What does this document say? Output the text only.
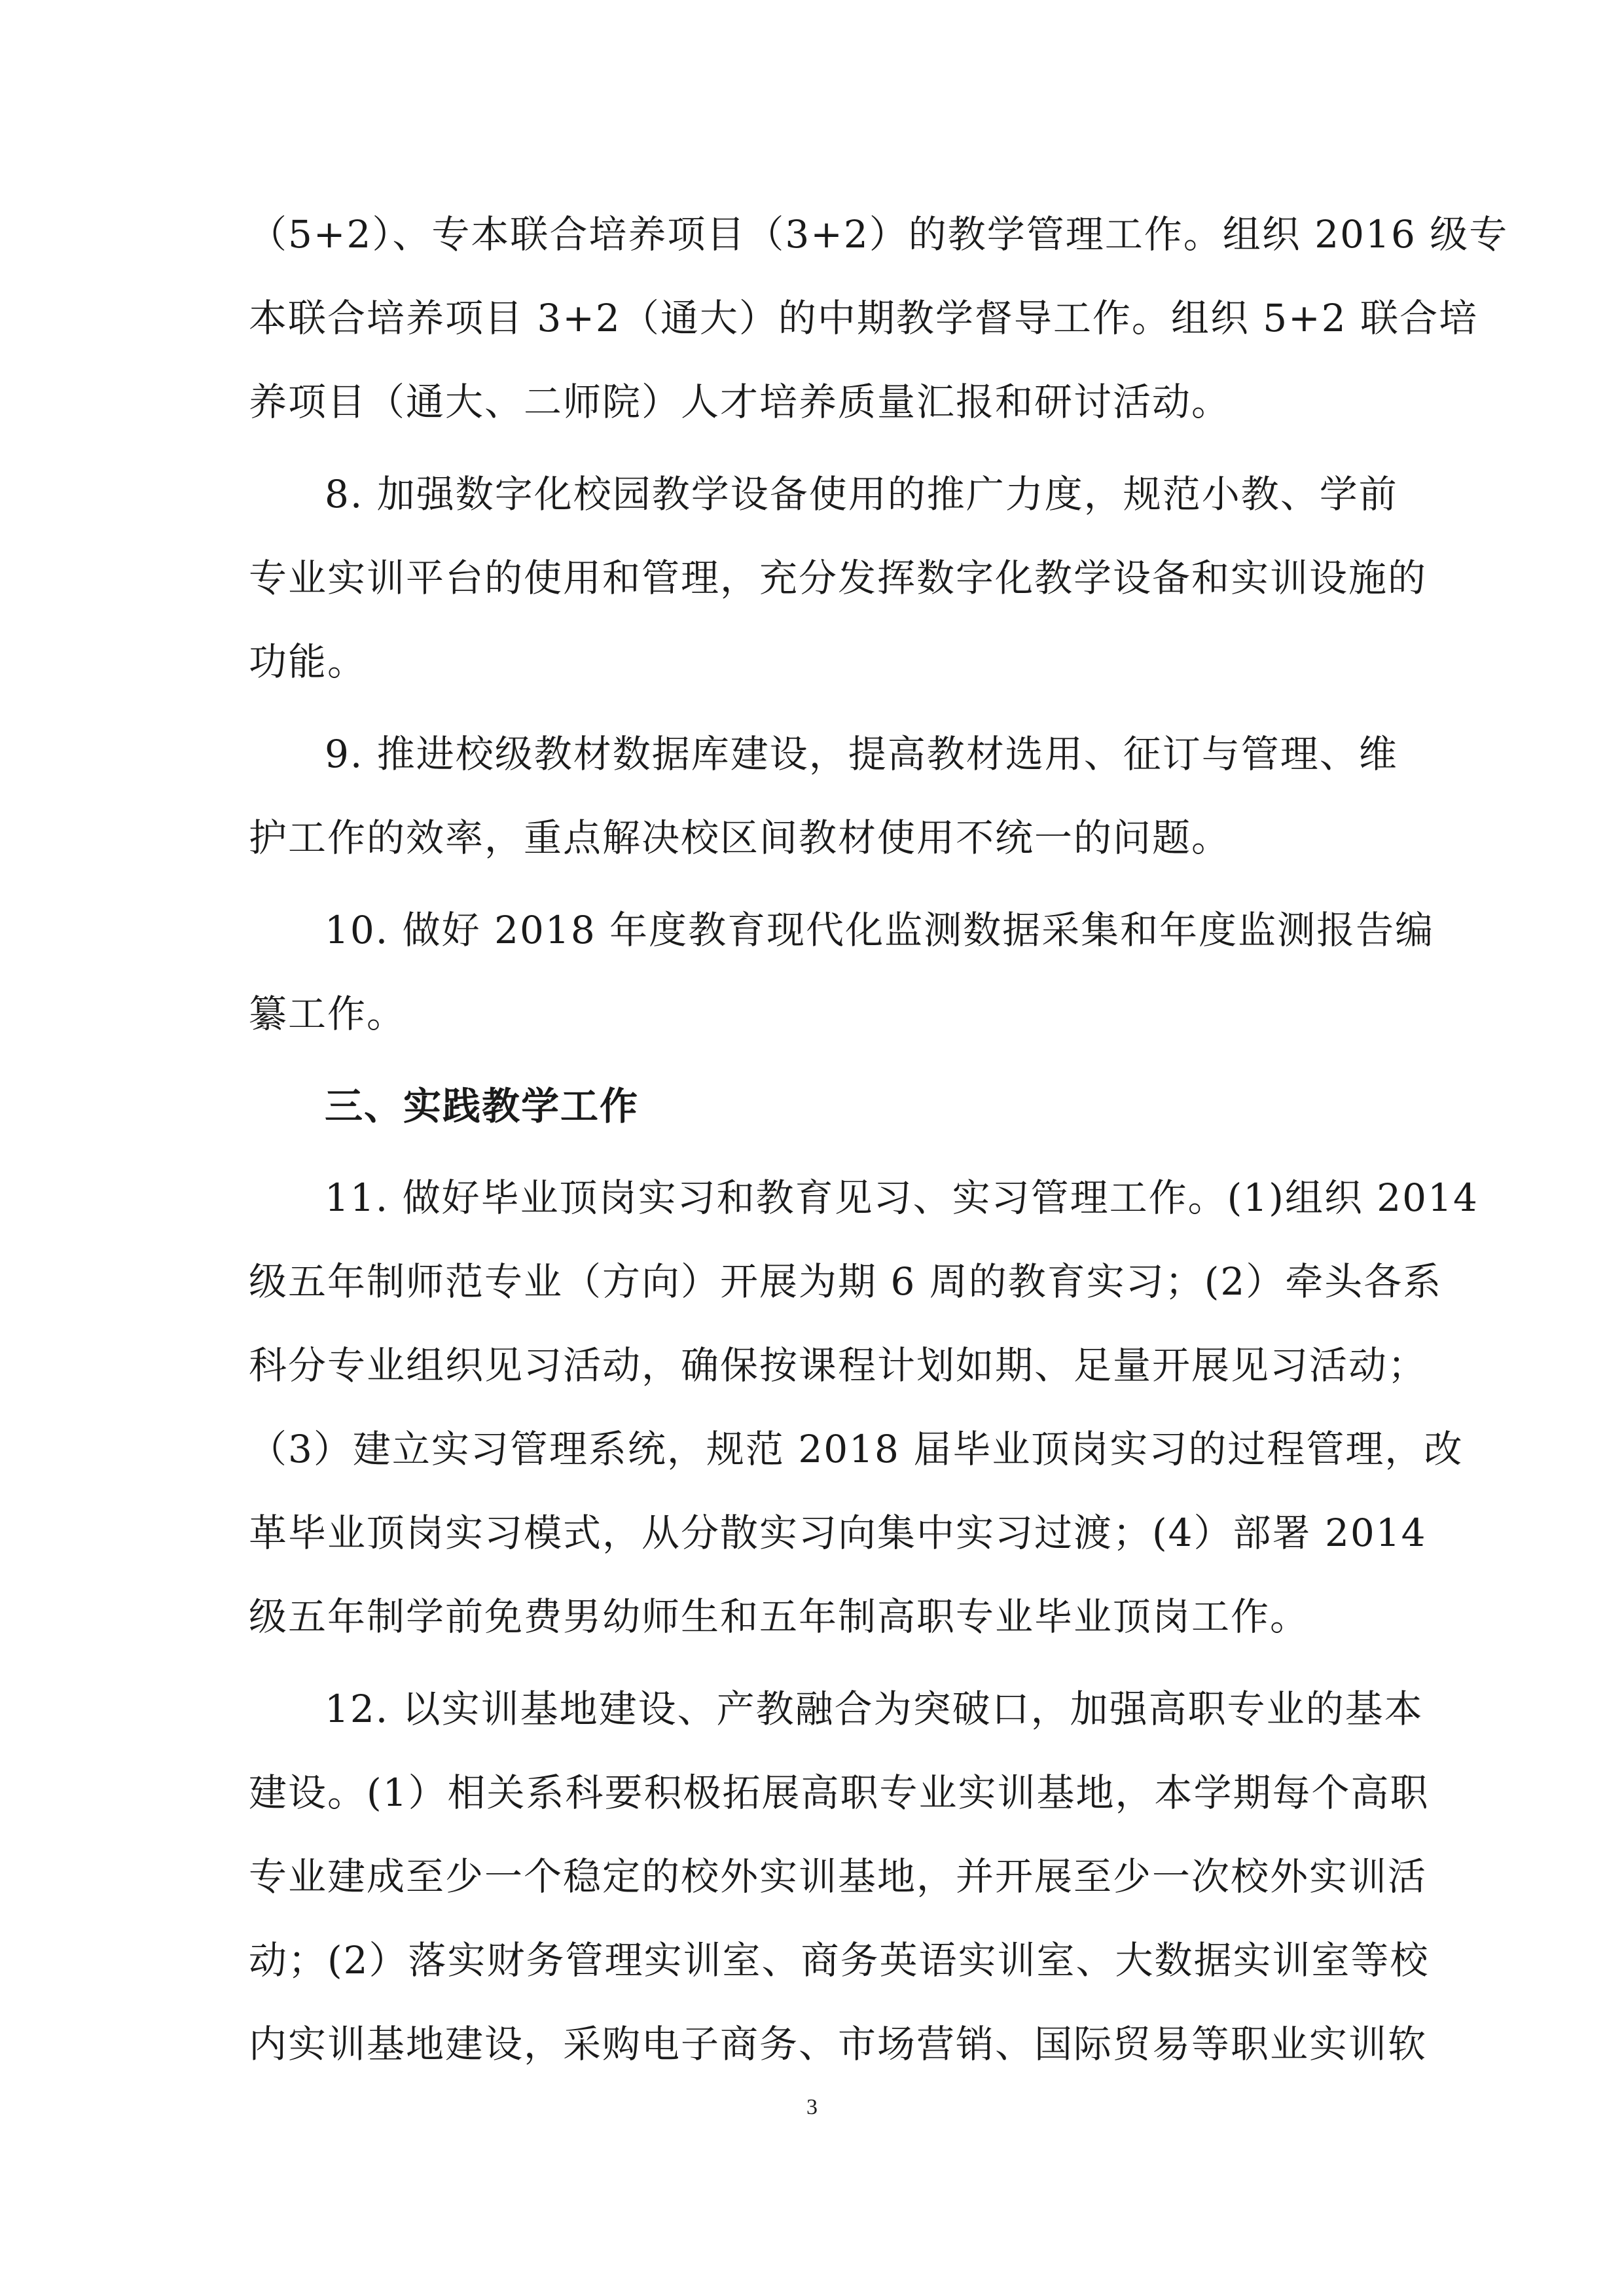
（5+2）、专本联合培养项目（3+2）的教学管理工作。组织 2016 级专
本联合培养项目 3+2（通大）的中期教学督导工作。组织 5+2 联合培
养项目（通大、二师院）人才培养质量汇报和研讨活动。
8. 加强数字化校园教学设备使用的推广力度，规范小教、学前
专业实训平台的使用和管理，充分发挥数字化教学设备和实训设施的
功能。
9. 推进校级教材数据库建设，提高教材选用、征订与管理、维
护工作的效率，重点解决校区间教材使用不统一的问题。
10. 做好 2018 年度教育现代化监测数据采集和年度监测报告编
纂工作。
三、实践教学工作
11. 做好毕业顶岗实习和教育见习、实习管理工作。(1)组织 2014
级五年制师范专业（方向）开展为期 6 周的教育实习；(2）牵头各系
科分专业组织见习活动，确保按课程计划如期、足量开展见习活动；
（3）建立实习管理系统，规范 2018 届毕业顶岗实习的过程管理，改
革毕业顶岗实习模式，从分散实习向集中实习过渡；(4）部署 2014
级五年制学前免费男幼师生和五年制高职专业毕业顶岗工作。
12. 以实训基地建设、产教融合为突破口，加强高职专业的基本
建设。(1）相关系科要积极拓展高职专业实训基地，本学期每个高职
专业建成至少一个稳定的校外实训基地，并开展至少一次校外实训活
动；(2）落实财务管理实训室、商务英语实训室、大数据实训室等校
内实训基地建设，采购电子商务、市场营销、国际贸易等职业实训软
3
